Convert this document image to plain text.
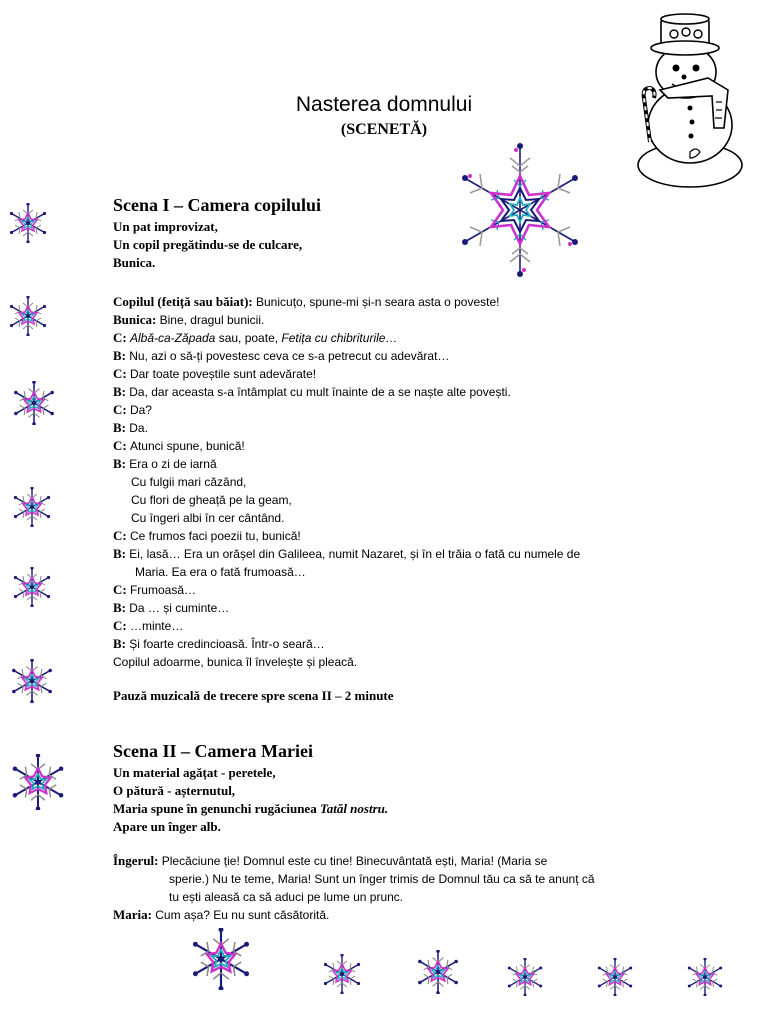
Nasterea domnului
(SCENETĂ)
Scena I – Camera copilului
Un pat improvizat,
Un copil pregătindu-se de culcare,
Bunica.
Copilul (fetiță sau băiat): Bunicuțo, spune-mi și-n seara asta o poveste!
Bunica: Bine, dragul bunicii.
C: Albă-ca-Zăpada sau, poate, Fetița cu chibriturile…
B: Nu, azi o să-ți povestesc ceva ce s-a petrecut cu adevărat…
C: Dar toate poveștile sunt adevărate!
B: Da, dar aceasta s-a întâmplat cu mult înainte de a se naște alte povești.
C: Da?
B: Da.
C: Atunci spune, bunică!
B: Era o zi de iarnă
Cu fulgii mari căzând,
Cu flori de gheață pe la geam,
Cu îngeri albi în cer cântând.
C: Ce frumos faci poezii tu, bunică!
B: Ei, lasă… Era un orășel din Galileea, numit Nazaret, și în el trăia o fată cu numele de
Maria. Ea era o fată frumoasă…
C: Frumoasă…
B: Da … și cuminte…
C: …minte…
B: Și foarte credincioasă. Într-o seară…
Copilul adoarme, bunica îl învelește și pleacă.
Pauză muzicală de trecere spre scena II – 2 minute
Scena II – Camera Mariei
Un material agățat - peretele,
O pătură - așternutul,
Maria spune în genunchi rugăciunea Tatăl nostru.
Apare un înger alb.
Îngerul: Plecăciune ție! Domnul este cu tine! Binecuvântată ești, Maria! (Maria se
sperie.) Nu te teme, Maria! Sunt un înger trimis de Domnul tău ca să te anunț că
tu ești aleasă ca să aduci pe lume un prunc.
Maria: Cum așa? Eu nu sunt căsătorită.
